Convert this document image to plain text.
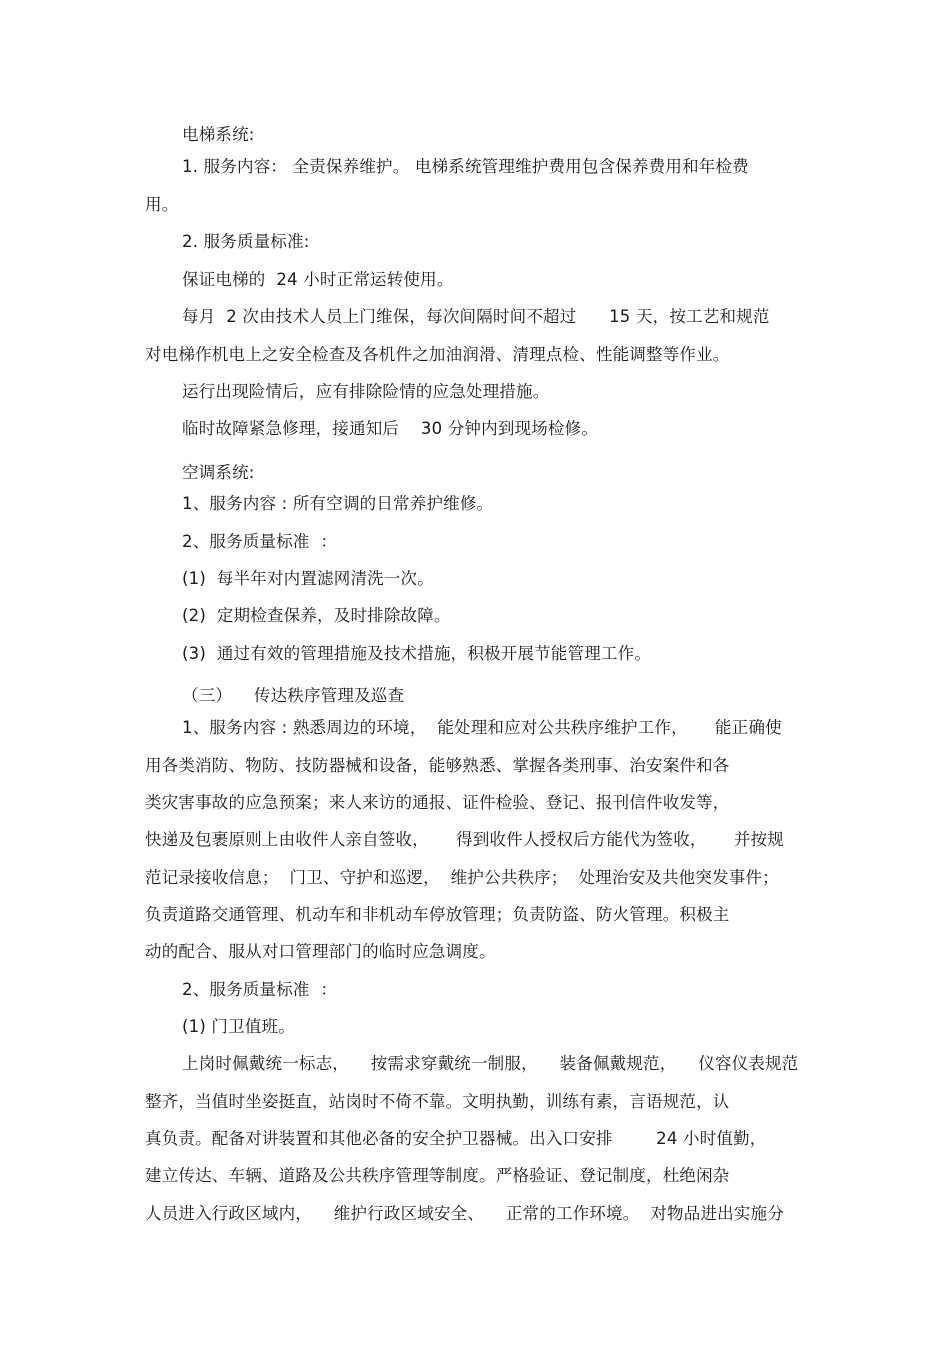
电梯系统:
1. 服务内容： 全责保养维护。 电梯系统管理维护费用包含保养费用和年检费
用。
2. 服务质量标准:
保证电梯的  24 小时正常运转使用。
每月  2 次由技术人员上门维保，每次间隔时间不超过      15 天，按工艺和规范
对电梯作机电上之安全检查及各机件之加油润滑、清理点检、性能调整等作业。
运行出现险情后，应有排除险情的应急处理措施。
临时故障紧急修理，接通知后    30 分钟内到现场检修。
空调系统:
1、服务内容 : 所有空调的日常养护维修。
2、服务质量标准  ：
(1)  每半年对内置滤网清洗一次。
(2)  定期检查保养，及时排除故障。
(3)  通过有效的管理措施及技术措施，积极开展节能管理工作。
（三）    传达秩序管理及巡查
1、服务内容 : 熟悉周边的环境，  能处理和应对公共秩序维护工作，     能正确使
用各类消防、物防、技防器械和设备，能够熟悉、掌握各类刑事、治安案件和各
类灾害事故的应急预案；来人来访的通报、证件检验、登记、报刊信件收发等，
快递及包裹原则上由收件人亲自签收，     得到收件人授权后方能代为签收，     并按规
范记录接收信息；  门卫、守护和巡逻，  维护公共秩序；  处理治安及共他突发事件；
负责道路交通管理、机动车和非机动车停放管理；负责防盗、防火管理。积极主
动的配合、服从对口管理部门的临时应急调度。
2、服务质量标准  ：
(1) 门卫值班。
上岗时佩戴统一标志，    按需求穿戴统一制服，    装备佩戴规范，    仪容仪表规范
整齐，当值时坐姿挺直，站岗时不倚不靠。文明执勤，训练有素，言语规范，认
真负责。配备对讲装置和其他必备的安全护卫器械。出入口安排        24 小时值勤，
建立传达、车辆、道路及公共秩序管理等制度。严格验证、登记制度，杜绝闲杂
人员进入行政区域内，    维护行政区域安全、    正常的工作环境。  对物品进出实施分
